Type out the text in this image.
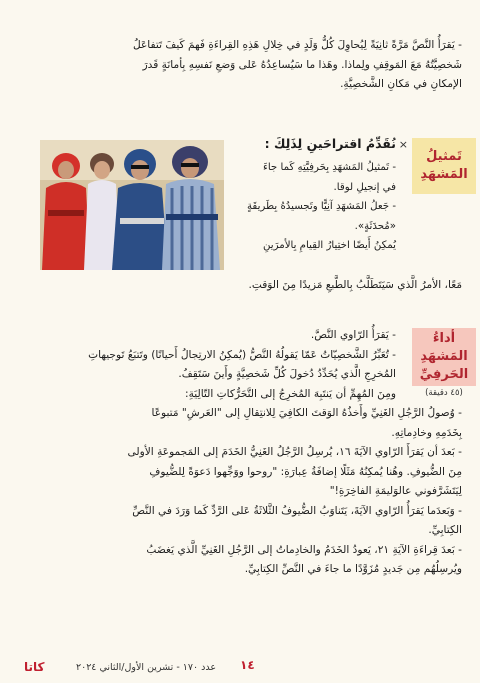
- يَقرَأُ النَّصَّ مَرَّةً ثانِيَةً لِيُحاوِلَ كُلُّ وَلَدٍ في خِلالِ هَذِهِ القِراءَةِ فَهمَ كَيفَ تَتفاعَلُ
شَخصِيَّتُهُ مَعَ المَوقِفِ ولِماذا. وهَذا ما سَيُساعِدُهُ عَلى وَضعِ نَفسِهِ بِأمانَةٍ قَدرَ
الإمكانِ في مَكانِ الشَّخصِيَّةِ.
تَمثيلُ المَشهَدِ
×
نُقَدِّمُ اقتراحَينِ لِذَلِكَ :
- تَمثيلُ المَشهَدِ بِحَرفِيَّتِهِ كَما جاءَ
في إنجيلِ لوقا.
- جَعلُ المَشهَدِ آنِيًّا وتَجسيدُهُ بِطَريقَةٍ
«مُحدَثَةٍ».
يُمكِنُ أَيضًا اختِيارُ القِيامِ بِالأمرَينِ
مَعًا، الأمرُ الَّذي سَيَتَطَلَّبُ بِالطَّبعِ مَزيدًا مِنَ الوَقتِ.
أداءُ المَشهَدِ الحَرفِيِّ
(٤٥ دقيقة)
- يَقرَأُ الرّاوي النَّصَّ.
- تُعَبِّرُ الشَّخصِيّاتُ عَمّا يَقولُهُ النَّصُّ (يُمكِنُ الارتِجالُ أَحيانًا) وتَتبَعُ تَوجيهاتِ
المُخرِجِ الَّذي يُحَدِّدُ دُخولَ كُلِّ شَخصِيَّةٍ وأَينَ سَتَقِفُ.
ومِنَ المُهِمِّ أن يَنتَبِهَ المُخرِجُ إلى التَّحَرُّكاتِ التّالِيَةِ:
- وُصولُ الرَّجُلِ الغَنِيِّ وأَخذُهُ الوَقتَ الكافِيَ لِلانتِقالِ إلى "العَرشِ" مَتبوعًا
بِخَدَمِهِ وخادِماتِهِ.
- بَعدَ أن يَقرَأَ الرّاوي الآيَةَ ١٦، يُرسِلُ الرَّجُلُ الغَنِيُّ الخَدَمَ إلى المَجموعَةِ الأولى
مِنَ الضُّيوفِ. وهُنا يُمكِنُهُ مَثَلًا إضافَةُ عِبارَةِ: "روحوا ووَجِّهوا دَعوَةً لِلضُّيوفِ
لِيَتَشَرَّفوني عالوَليمَةِ الفاخِرَةِ!"
- وَبَعدَما يَقرَأُ الرّاوي الآيَةَ، يَتَناوَبُ الضُّيوفُ الثَّلاثَةُ عَلى الرَّدِّ كَما وَرَدَ في النَّصِّ
الكِتابِيِّ.
- بَعدَ قِراءَةِ الآيَةِ ٢١، يَعودُ الخَدَمُ والخادِماتُ إلى الرَّجُلِ الغَنِيِّ الَّذي يَغضَبُ
ويُرسِلُهُم مِن جَديدٍ مُزَوَّدًا ما جاءَ في النَّصِّ الكِتابِيِّ.
كاتا	عدد ١٧٠ - تشرين الأول/الثاني ٢٠٢٤ ١٤
